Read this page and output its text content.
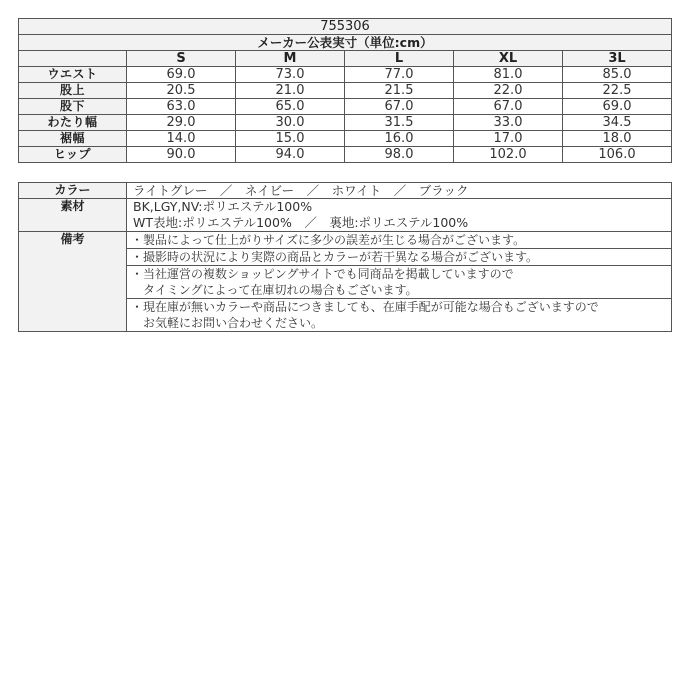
755306					
メーカー公表実寸（単位:cm）					
	S	M	L	XL	3L
ウエスト	69.0	73.0	77.0	81.0	85.0
股上	20.5	21.0	21.5	22.0	22.5
股下	63.0	65.0	67.0	67.0	69.0
わたり幅	29.0	30.0	31.5	33.0	34.5
裾幅	14.0	15.0	16.0	17.0	18.0
ヒップ	90.0	94.0	98.0	102.0	106.0
カラー	ライトグレー　／　ネイビー　／　ホワイト　／　ブラック
素材	BK,LGY,NV:ポリエステル100%
WT表地:ポリエステル100%　／　裏地:ポリエステル100%

備考	・製品によって仕上がりサイズに多少の誤差が生じる場合がございます。

	・撮影時の状況により実際の商品とカラーが若干異なる場合がございます。

	・当社運営の複数ショッピングサイトでも同商品を掲載していますので
　タイミングによって在庫切れの場合もございます。

	・現在庫が無いカラーや商品につきましても、在庫手配が可能な場合もございますので
　お気軽にお問い合わせください。
